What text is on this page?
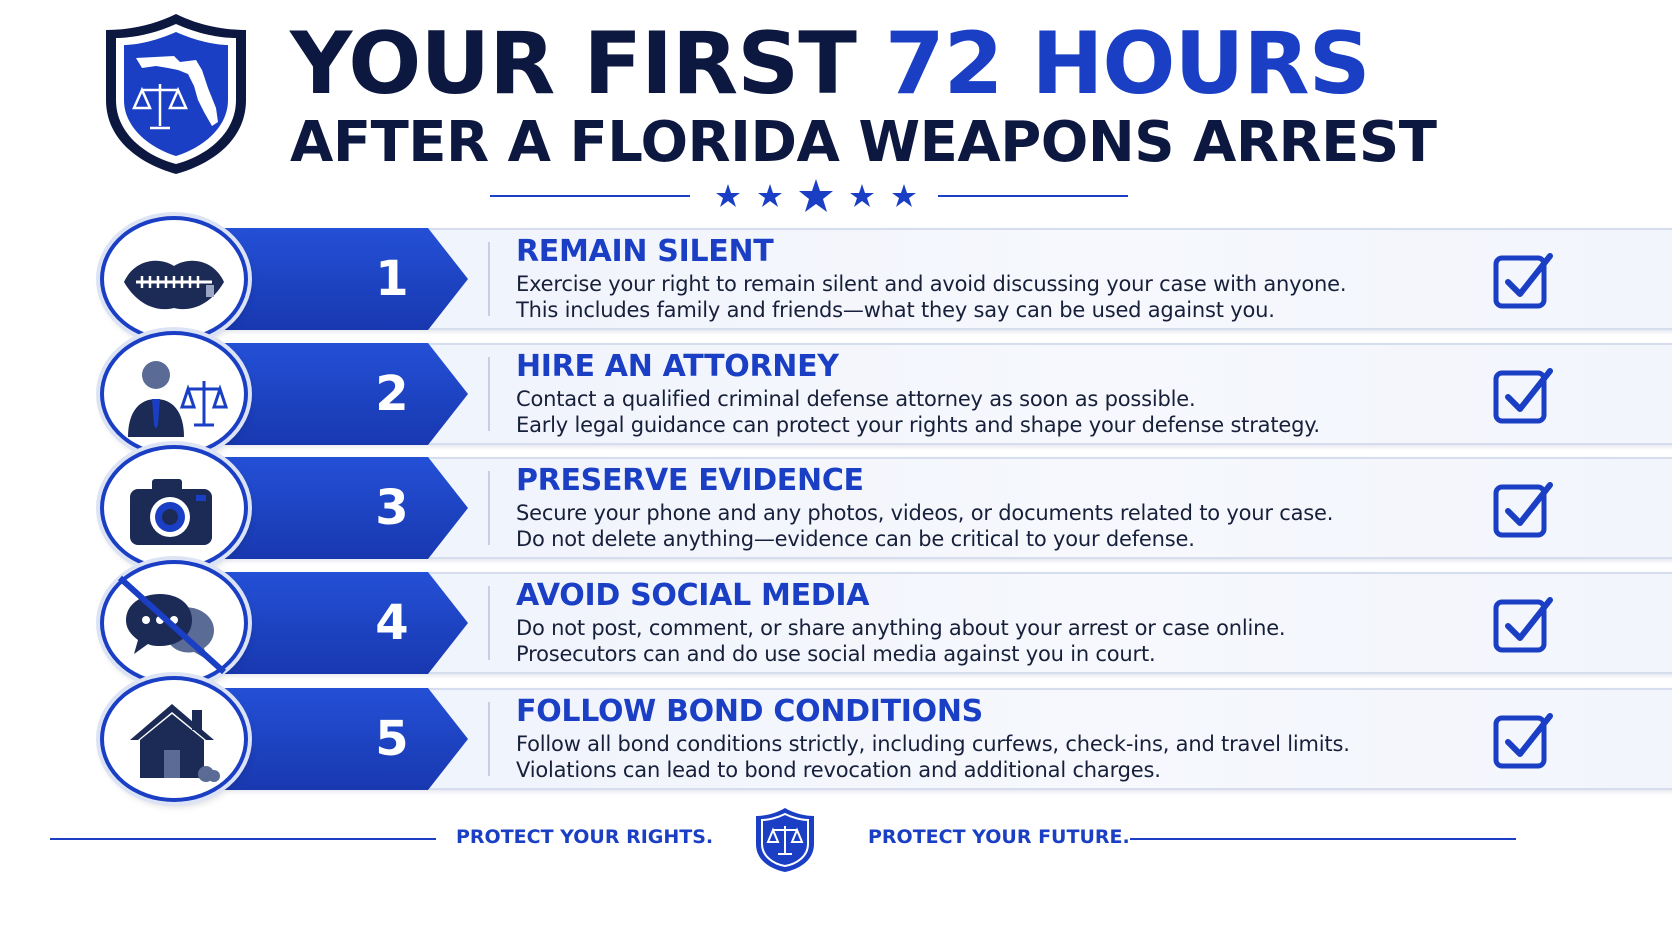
YOUR FIRST 72 HOURS
AFTER A FLORIDA WEAPONS ARREST
1	REMAIN SILENT
Exercise your right to remain silent and avoid discussing your case with anyone.
This includes family and friends—what they say can be used against you.
2	HIRE AN ATTORNEY
Contact a qualified criminal defense attorney as soon as possible.
Early legal guidance can protect your rights and shape your defense strategy.
3	PRESERVE EVIDENCE
Secure your phone and any photos, videos, or documents related to your case.
Do not delete anything—evidence can be critical to your defense.
4	AVOID SOCIAL MEDIA
Do not post, comment, or share anything about your arrest or case online.
Prosecutors can and do use social media against you in court.
5	FOLLOW BOND CONDITIONS
Follow all bond conditions strictly, including curfews, check-ins, and travel limits.
Violations can lead to bond revocation and additional charges.
PROTECT YOUR RIGHTS.	PROTECT YOUR FUTURE.
